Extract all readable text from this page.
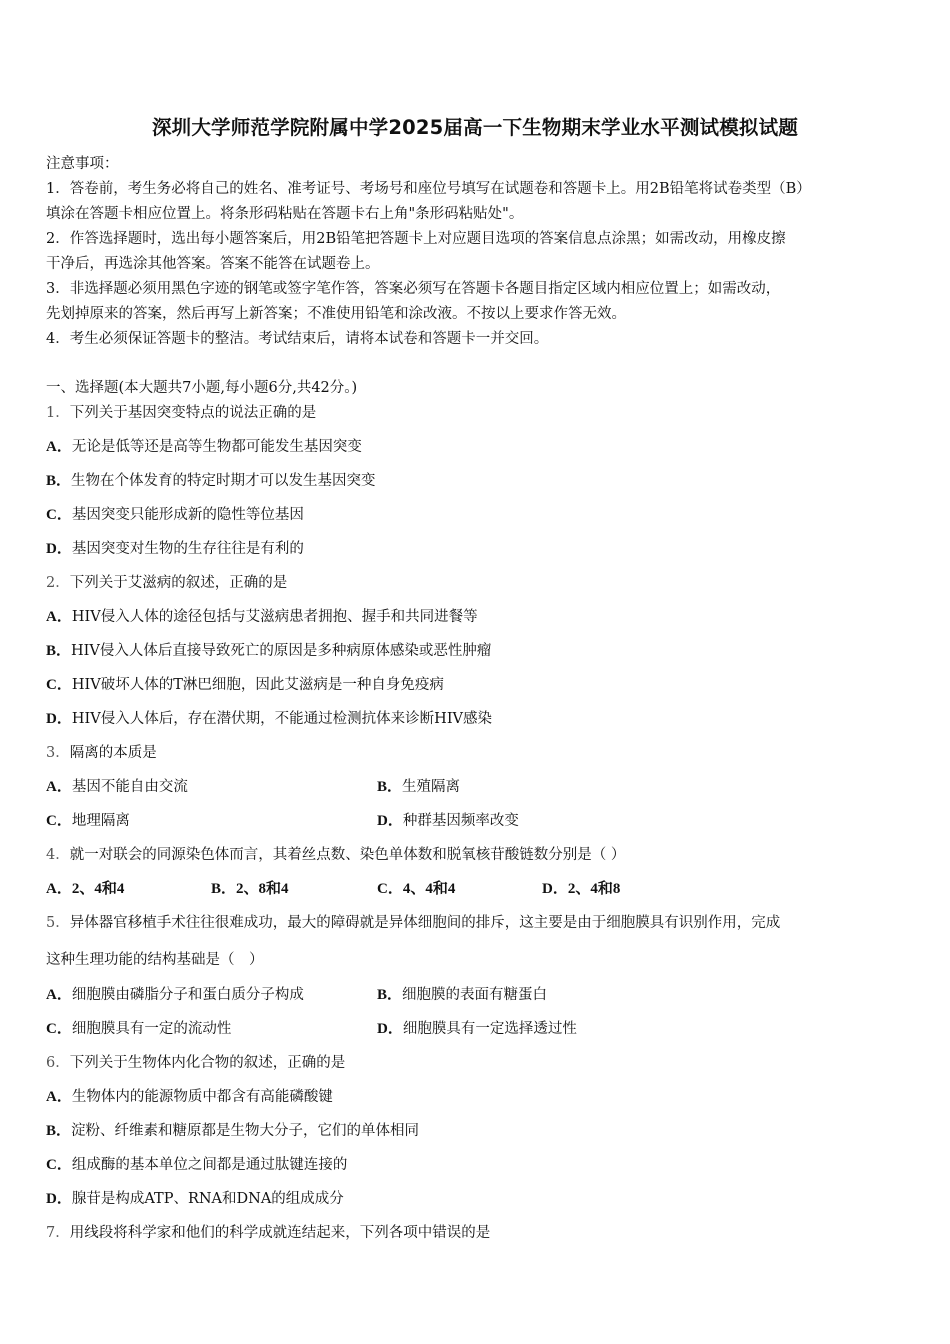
深圳大学师范学院附属中学2025届高一下生物期末学业水平测试模拟试题
注意事项：
1．答卷前，考生务必将自己的姓名、准考证号、考场号和座位号填写在试题卷和答题卡上。用2B铅笔将试卷类型（B）
填涂在答题卡相应位置上。将条形码粘贴在答题卡右上角"条形码粘贴处"。
2．作答选择题时，选出每小题答案后，用2B铅笔把答题卡上对应题目选项的答案信息点涂黑；如需改动，用橡皮擦
干净后，再选涂其他答案。答案不能答在试题卷上。
3．非选择题必须用黑色字迹的钢笔或签字笔作答，答案必须写在答题卡各题目指定区域内相应位置上；如需改动，
先划掉原来的答案，然后再写上新答案；不准使用铅笔和涂改液。不按以上要求作答无效。
4．考生必须保证答题卡的整洁。考试结束后，请将本试卷和答题卡一并交回。
一、选择题(本大题共7小题,每小题6分,共42分。)
1．下列关于基因突变特点的说法正确的是
A．无论是低等还是高等生物都可能发生基因突变
B．生物在个体发育的特定时期才可以发生基因突变
C．基因突变只能形成新的隐性等位基因
D．基因突变对生物的生存往往是有利的
2．下列关于艾滋病的叙述，正确的是
A．HIV侵入人体的途径包括与艾滋病患者拥抱、握手和共同进餐等
B．HIV侵入人体后直接导致死亡的原因是多种病原体感染或恶性肿瘤
C．HIV破坏人体的T淋巴细胞，因此艾滋病是一种自身免疫病
D．HIV侵入人体后，存在潜伏期，不能通过检测抗体来诊断HIV感染
3．隔离的本质是
A．基因不能自由交流	B．生殖隔离
C．地理隔离	D．种群基因频率改变
4．就一对联会的同源染色体而言，其着丝点数、染色单体数和脱氧核苷酸链数分别是（ ）
A．2、4和4	B．2、8和4	C．4、4和4	D．2、4和8
5．异体器官移植手术往往很难成功，最大的障碍就是异体细胞间的排斥，这主要是由于细胞膜具有识别作用，完成
这种生理功能的结构基础是（　）
A．细胞膜由磷脂分子和蛋白质分子构成	B．细胞膜的表面有糖蛋白
C．细胞膜具有一定的流动性	D．细胞膜具有一定选择透过性
6．下列关于生物体内化合物的叙述，正确的是
A．生物体内的能源物质中都含有高能磷酸键
B．淀粉、纤维素和糖原都是生物大分子，它们的单体相同
C．组成酶的基本单位之间都是通过肽键连接的
D．腺苷是构成ATP、RNA和DNA的组成成分
7．用线段将科学家和他们的科学成就连结起来，下列各项中错误的是
